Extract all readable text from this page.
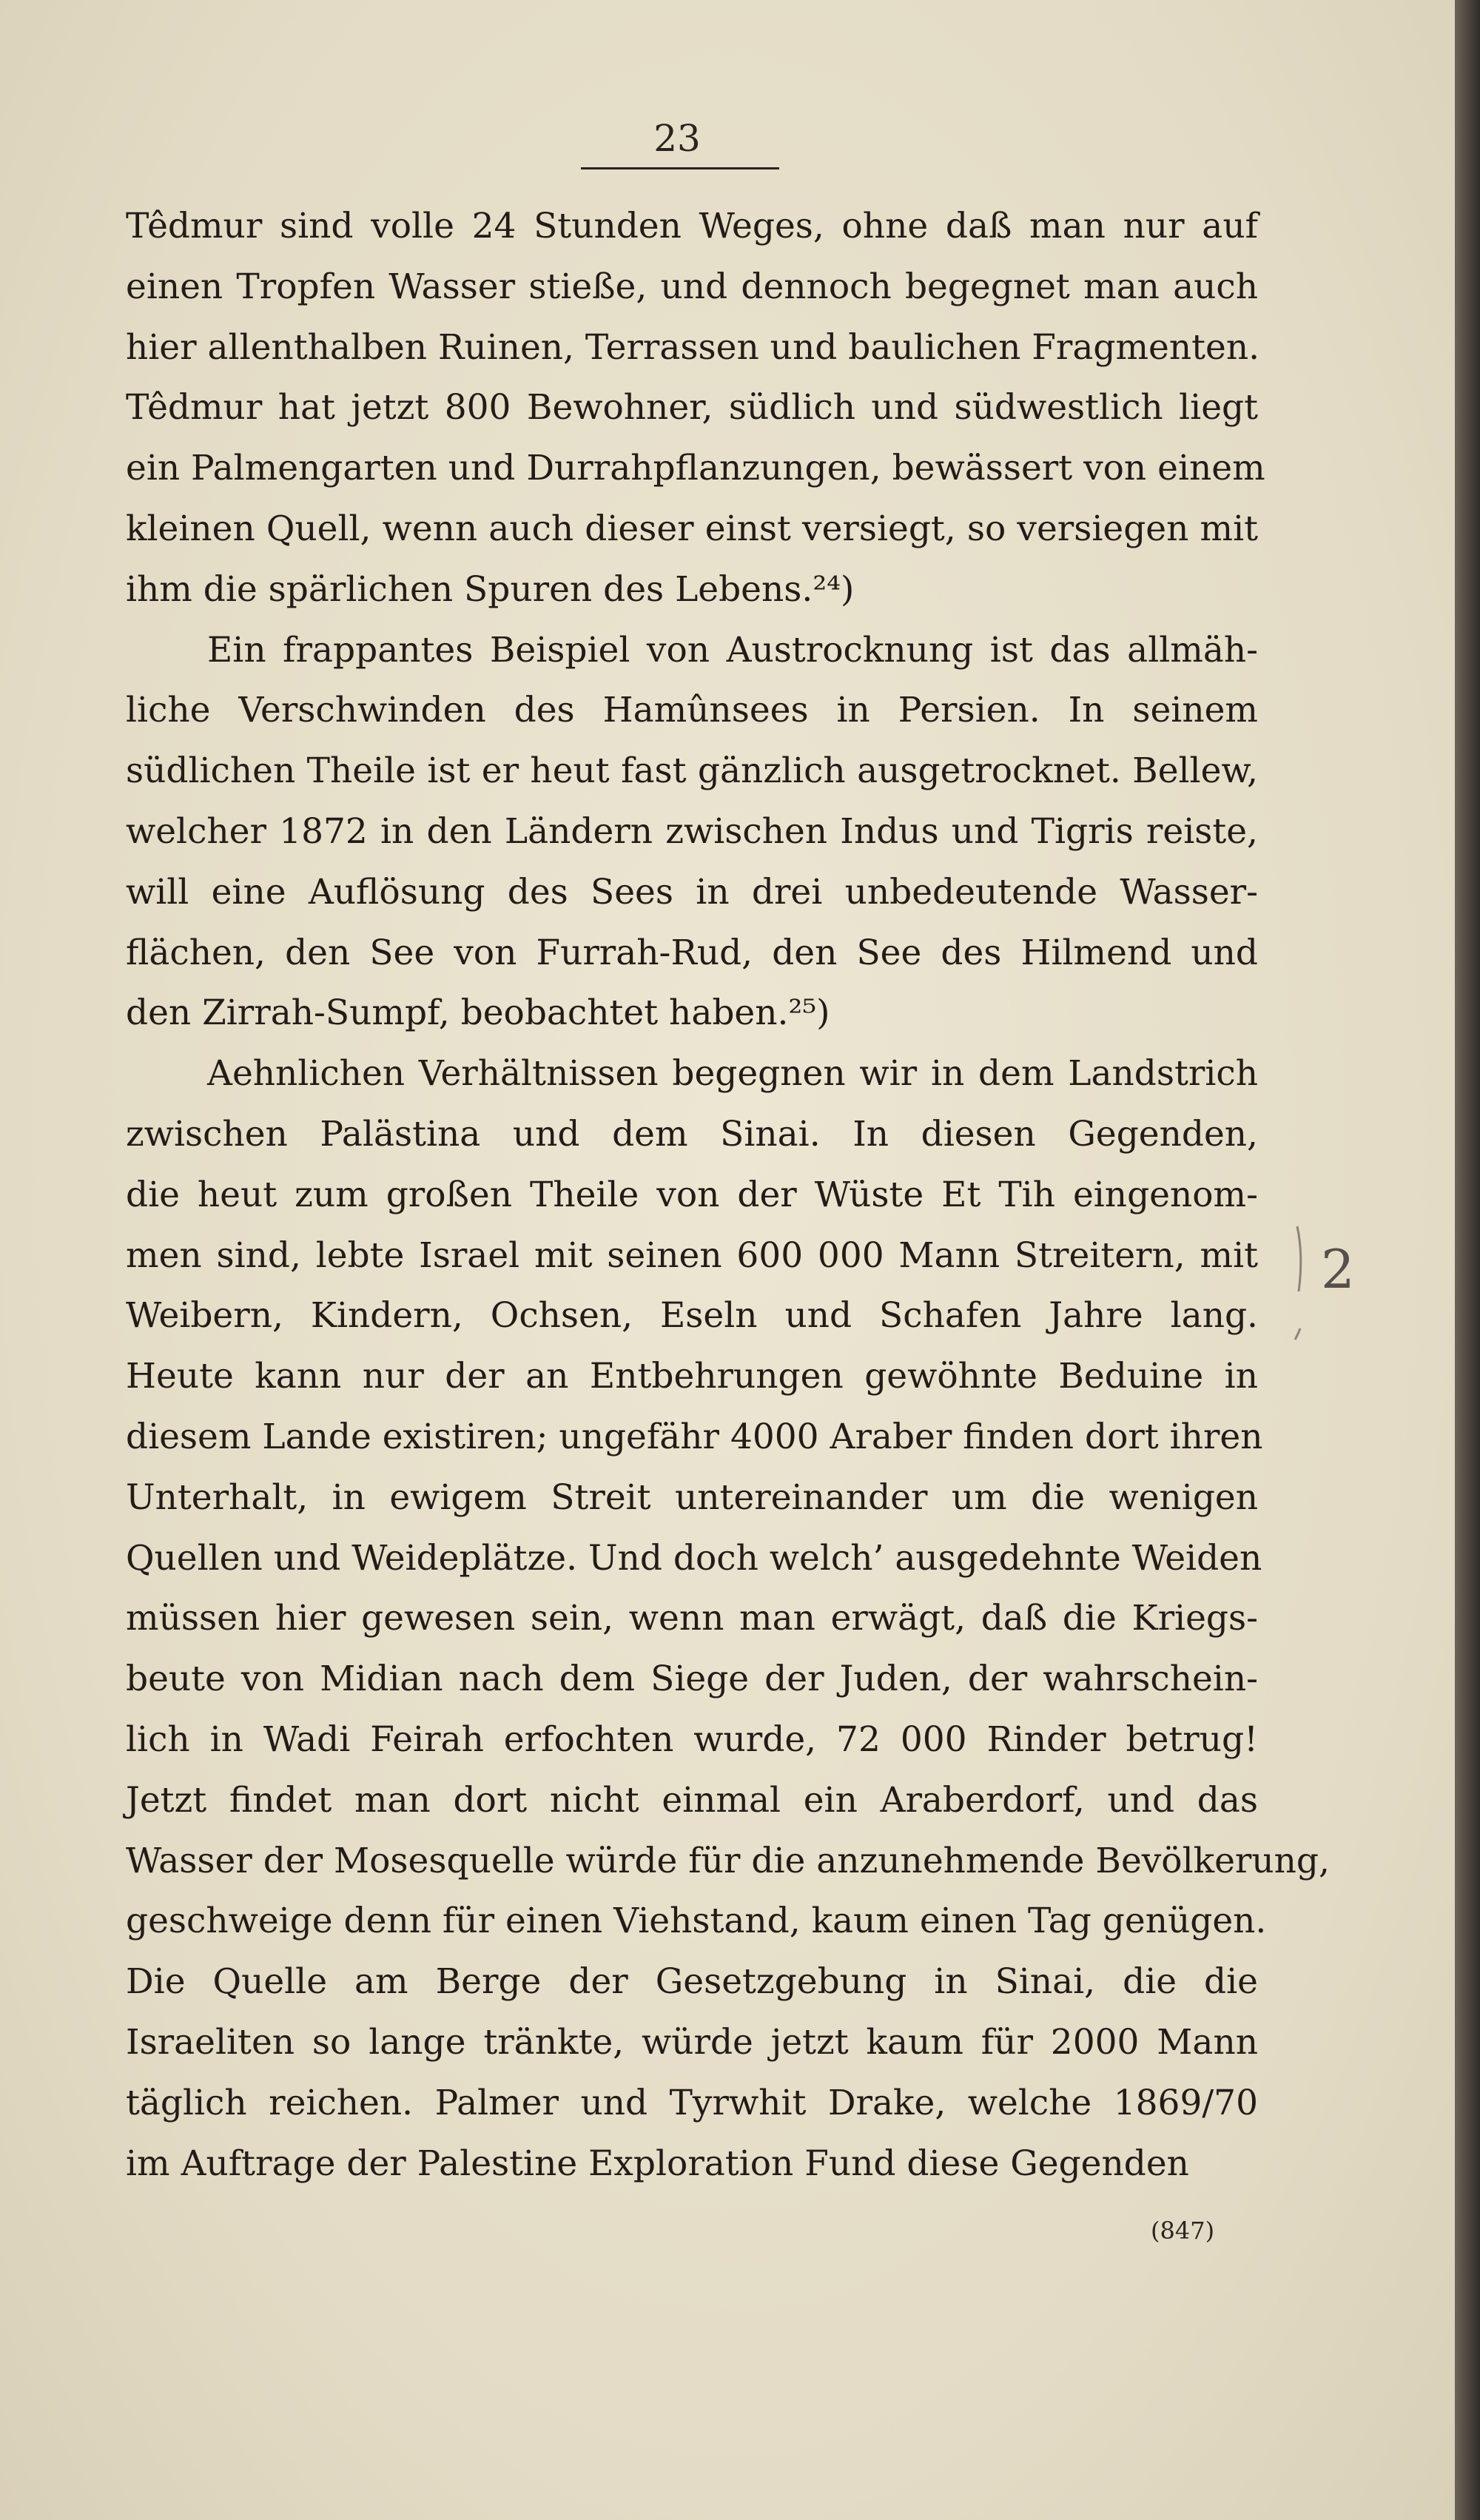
23
Têdmur sind volle 24 Stunden Weges, ohne daß man nur auf
einen Tropfen Wasser stieße, und dennoch begegnet man auch
hier allenthalben Ruinen, Terrassen und baulichen Fragmenten.
Têdmur hat jetzt 800 Bewohner, südlich und südwestlich liegt
ein Palmengarten und Durrahpflanzungen, bewässert von einem
kleinen Quell, wenn auch dieser einst versiegt, so versiegen mit
ihm die spärlichen Spuren des Lebens.²⁴)
Ein frappantes Beispiel von Austrocknung ist das allmäh-
liche Verschwinden des Hamûnsees in Persien. In seinem
südlichen Theile ist er heut fast gänzlich ausgetrocknet. Bellew,
welcher 1872 in den Ländern zwischen Indus und Tigris reiste,
will eine Auflösung des Sees in drei unbedeutende Wasser-
flächen, den See von Furrah-Rud, den See des Hilmend und
den Zirrah-Sumpf, beobachtet haben.²⁵)
Aehnlichen Verhältnissen begegnen wir in dem Landstrich
zwischen Palästina und dem Sinai. In diesen Gegenden,
die heut zum großen Theile von der Wüste Et Tih eingenom-
men sind, lebte Israel mit seinen 600 000 Mann Streitern, mit
Weibern, Kindern, Ochsen, Eseln und Schafen Jahre lang.
Heute kann nur der an Entbehrungen gewöhnte Beduine in
diesem Lande existiren; ungefähr 4000 Araber finden dort ihren
Unterhalt, in ewigem Streit untereinander um die wenigen
Quellen und Weideplätze. Und doch welch’ ausgedehnte Weiden
müssen hier gewesen sein, wenn man erwägt, daß die Kriegs-
beute von Midian nach dem Siege der Juden, der wahrschein-
lich in Wadi Feirah erfochten wurde, 72 000 Rinder betrug!
Jetzt findet man dort nicht einmal ein Araberdorf, und das
Wasser der Mosesquelle würde für die anzunehmende Bevölkerung,
geschweige denn für einen Viehstand, kaum einen Tag genügen.
Die Quelle am Berge der Gesetzgebung in Sinai, die die
Israeliten so lange tränkte, würde jetzt kaum für 2000 Mann
täglich reichen. Palmer und Tyrwhit Drake, welche 1869/70
im Auftrage der Palestine Exploration Fund diese Gegenden
2
(847)
